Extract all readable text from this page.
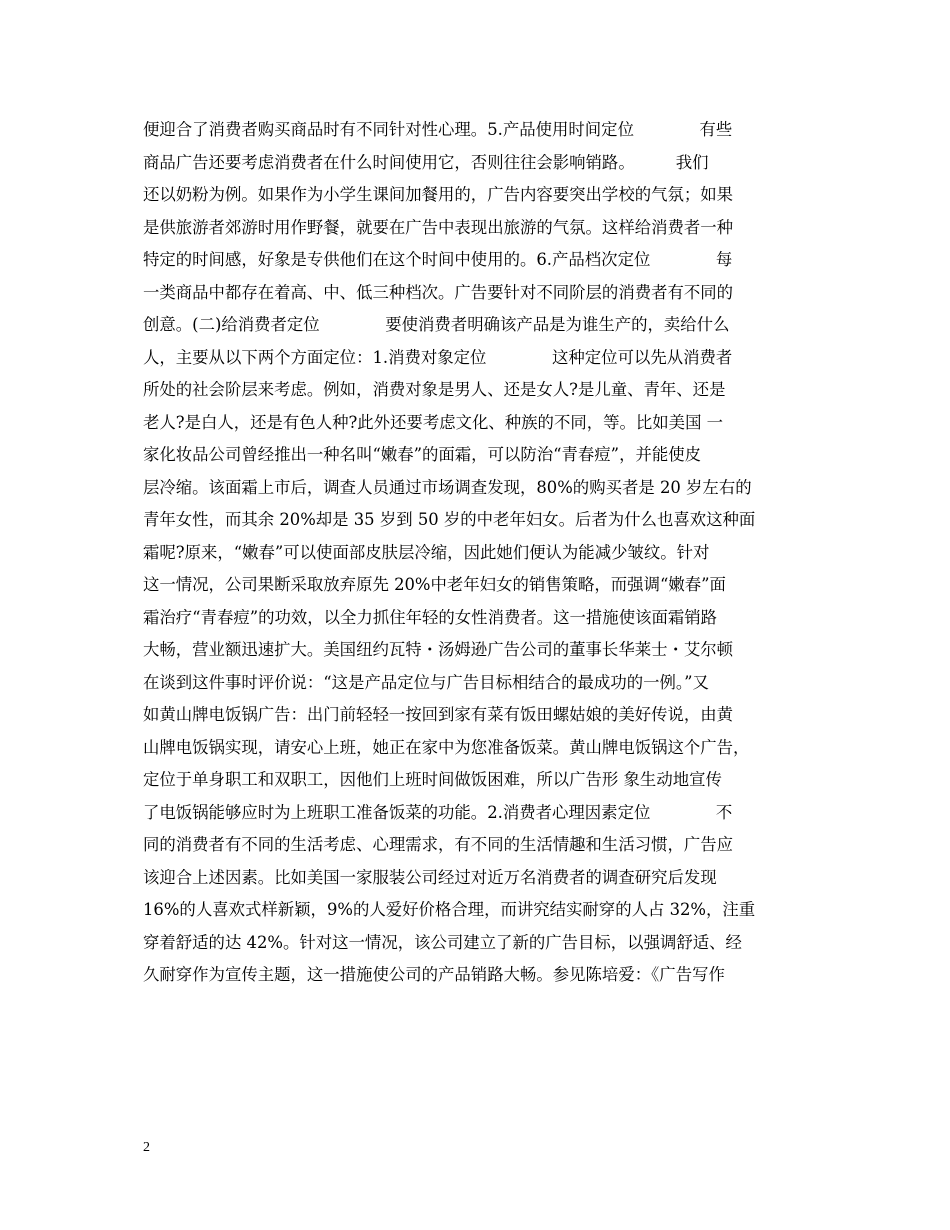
便迎合了消费者购买商品时有不同针对性心理。5.产品使用时间定位　　　　有些
商品广告还要考虑消费者在什么时间使用它，否则往往会影响销路。　　　我们
还以奶粉为例。如果作为小学生课间加餐用的，广告内容要突出学校的气氛；如果
是供旅游者郊游时用作野餐，就要在广告中表现出旅游的气氛。这样给消费者一种
特定的时间感，好象是专供他们在这个时间中使用的。6.产品档次定位　　　　每
一类商品中都存在着高、中、低三种档次。广告要针对不同阶层的消费者有不同的
创意。(二)给消费者定位　　　　要使消费者明确该产品是为谁生产的，卖给什么
人，主要从以下两个方面定位：1.消费对象定位　　　　这种定位可以先从消费者
所处的社会阶层来考虑。例如，消费对象是男人、还是女人?是儿童、青年、还是
老人?是白人，还是有色人种?此外还要考虑文化、种族的不同，等。比如美国 一
家化妆品公司曾经推出一种名叫“嫩春”的面霜，可以防治“青春痘”，并能使皮
层冷缩。该面霜上市后，调查人员通过市场调查发现，80%的购买者是 20 岁左右的
青年女性，而其余 20%却是 35 岁到 50 岁的中老年妇女。后者为什么也喜欢这种面
霜呢?原来，“嫩春”可以使面部皮肤层冷缩，因此她们便认为能减少皱纹。针对
这一情况，公司果断采取放弃原先 20%中老年妇女的销售策略，而强调“嫩春”面
霜治疗“青春痘”的功效，以全力抓住年轻的女性消费者。这一措施使该面霜销路
大畅，营业额迅速扩大。美国纽约瓦特・汤姆逊广告公司的董事长华莱士・艾尔顿
在谈到这件事时评价说：“这是产品定位与广告目标相结合的最成功的一例。”又
如黄山牌电饭锅广告：出门前轻轻一按回到家有菜有饭田螺姑娘的美好传说，由黄
山牌电饭锅实现，请安心上班，她正在家中为您准备饭菜。黄山牌电饭锅这个广告，
定位于单身职工和双职工，因他们上班时间做饭困难，所以广告形 象生动地宣传
了电饭锅能够应时为上班职工准备饭菜的功能。2.消费者心理因素定位　　　　不
同的消费者有不同的生活考虑、心理需求，有不同的生活情趣和生活习惯，广告应
该迎合上述因素。比如美国一家服装公司经过对近万名消费者的调查研究后发现
16%的人喜欢式样新颖，9%的人爱好价格合理，而讲究结实耐穿的人占 32%，注重
穿着舒适的达 42%。针对这一情况，该公司建立了新的广告目标，以强调舒适、经
久耐穿作为宣传主题，这一措施使公司的产品销路大畅。参见陈培爱：《广告写作
2
